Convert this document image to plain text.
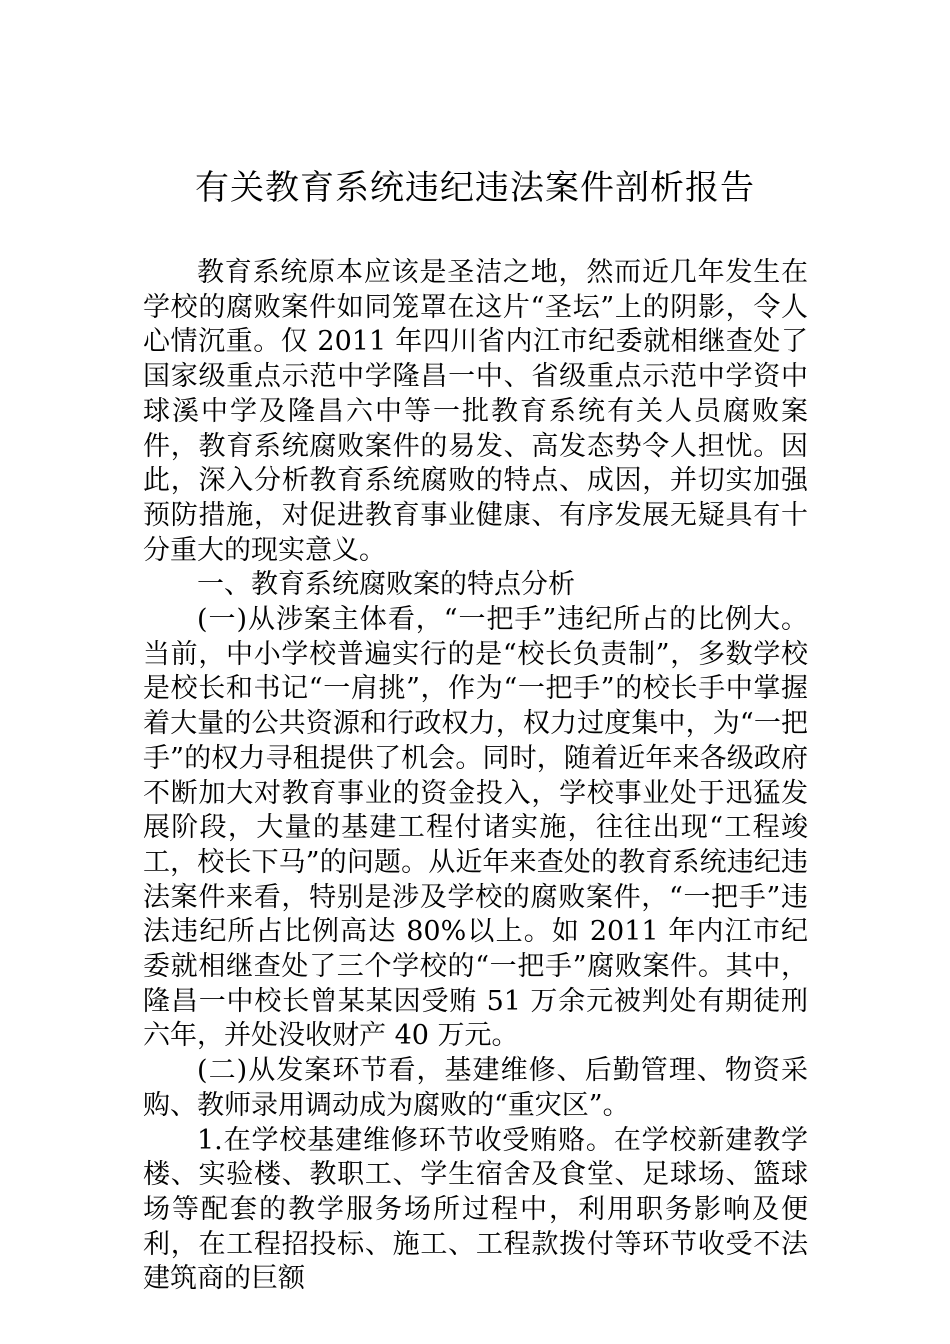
有关教育系统违纪违法案件剖析报告

教育系统原本应该是圣洁之地，然而近几年发生在学校的腐败案件如同笼罩在这片“圣坛”上的阴影，令人心情沉重。仅 2011 年四川省内江市纪委就相继查处了国家级重点示范中学隆昌一中、省级重点示范中学资中球溪中学及隆昌六中等一批教育系统有关人员腐败案件，教育系统腐败案件的易发、高发态势令人担忧。因此，深入分析教育系统腐败的特点、成因，并切实加强预防措施，对促进教育事业健康、有序发展无疑具有十分重大的现实意义。

一、教育系统腐败案的特点分析

(一)从涉案主体看，“一把手”违纪所占的比例大。当前，中小学校普遍实行的是“校长负责制”，多数学校是校长和书记“一肩挑”，作为“一把手”的校长手中掌握着大量的公共资源和行政权力，权力过度集中，为“一把手”的权力寻租提供了机会。同时，随着近年来各级政府不断加大对教育事业的资金投入，学校事业处于迅猛发展阶段，大量的基建工程付诸实施，往往出现“工程竣工，校长下马”的问题。从近年来查处的教育系统违纪违法案件来看，特别是涉及学校的腐败案件，“一把手”违法违纪所占比例高达 80%以上。如 2011 年内江市纪委就相继查处了三个学校的“一把手”腐败案件。其中，隆昌一中校长曾某某因受贿 51 万余元被判处有期徒刑六年，并处没收财产 40 万元。

(二)从发案环节看，基建维修、后勤管理、物资采购、教师录用调动成为腐败的“重灾区”。

1.在学校基建维修环节收受贿赂。在学校新建教学楼、实验楼、教职工、学生宿舍及食堂、足球场、篮球场等配套的教学服务场所过程中，利用职务影响及便利，在工程招投标、施工、工程款拨付等环节收受不法建筑商的巨额
